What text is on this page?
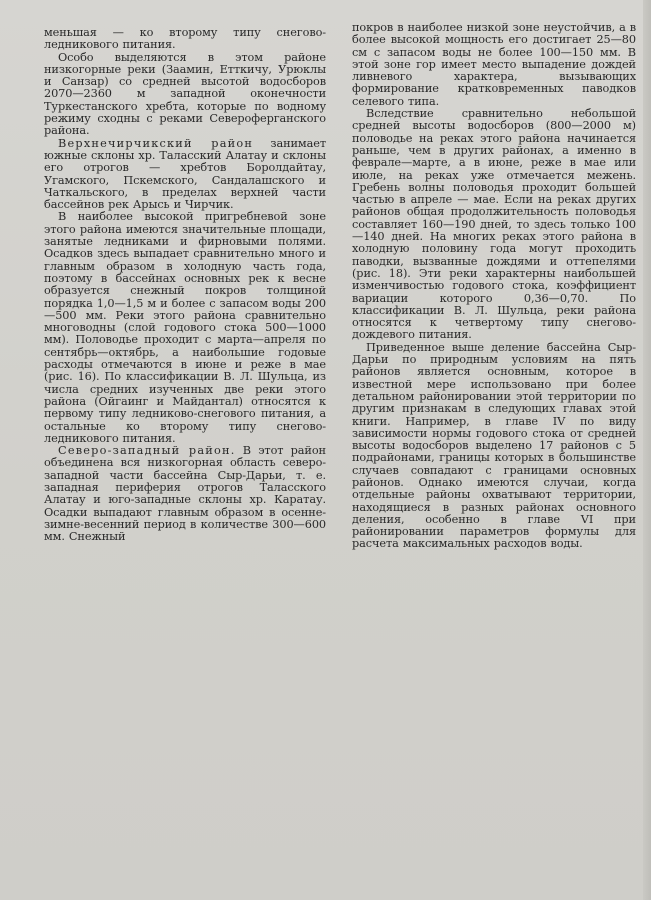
меньшая — ко второму типу снегово-ледникового питания.

Особо выделяются в этом районе низкогорные реки (Заамин, Етткичу, Урюклы и Санзар) со средней высотой водосборов 2070—2360 м западной оконечности Туркестанского хребта, которые по водному режиму сходны с реками Североферганского района.

Верхнечирчикский район занимает южные склоны хр. Таласский Алатау и склоны его отрогов — хребтов Боролдайтау, Угамского, Пскемского, Сандалашского и Чаткальского, в пределах верхней части бассейнов рек Арысь и Чирчик.

В наиболее высокой пригребневой зоне этого района имеются значительные площади, занятые ледниками и фирновыми полями. Осадков здесь выпадает сравнительно много и главным образом в холодную часть года, поэтому в бассейнах основных рек к весне образуется снежный покров толщиной порядка 1,0—1,5 м и более с запасом воды 200—500 мм. Реки этого района сравнительно многоводны (слой годового стока 500—1000 мм). Половодье проходит с марта—апреля по сентябрь—октябрь, а наибольшие годовые расходы отмечаются в июне и реже в мае (рис. 16). По классификации В. Л. Шульца, из числа средних изученных две реки этого района (Ойгаинг и Майдантал) относятся к первому типу ледниково-снегового питания, а остальные ко второму типу снегово-ледникового питания.

Северо-западный район. В этот район объединена вся низкогорная область северо-западной части бассейна Сыр-Дарьи, т. е. западная периферия отрогов Таласского Алатау и юго-западные склоны хр. Каратау. Осадки выпадают главным образом в осенне-зимне-весенний период в количестве 300—600 мм. Снежный

покров в наиболее низкой зоне неустойчив, а в более высокой мощность его достигает 25—80 см с запасом воды не более 100—150 мм. В этой зоне гор имеет место выпадение дождей ливневого характера, вызывающих формирование кратковременных паводков селевого типа.

Вследствие сравнительно небольшой средней высоты водосборов (800—2000 м) половодье на реках этого района начинается раньше, чем в других районах, а именно в феврале—марте, а в июне, реже в мае или июле, на реках уже отмечается межень. Гребень волны половодья проходит большей частью в апреле — мае. Если на реках других районов общая продолжительность половодья составляет 160—190 дней, то здесь только 100—140 дней. На многих реках этого района в холодную половину года могут проходить паводки, вызванные дождями и оттепелями (рис. 18). Эти реки характерны наибольшей изменчивостью годового стока, коэффициент вариации которого 0,36—0,70. По классификации В. Л. Шульца, реки района относятся к четвертому типу снегово-дождевого питания.

Приведенное выше деление бассейна Сыр-Дарьи по природным условиям на пять районов является основным, которое в известной мере использовано при более детальном районировании этой территории по другим признакам в следующих главах этой книги. Например, в главе IV по виду зависимости нормы годового стока от средней высоты водосборов выделено 17 районов с 5 подрайонами, границы которых в большинстве случаев совпадают с границами основных районов. Однако имеются случаи, когда отдельные районы охватывают территории, находящиеся в разных районах основного деления, особенно в главе VI при районировании параметров формулы для расчета максимальных расходов воды.
